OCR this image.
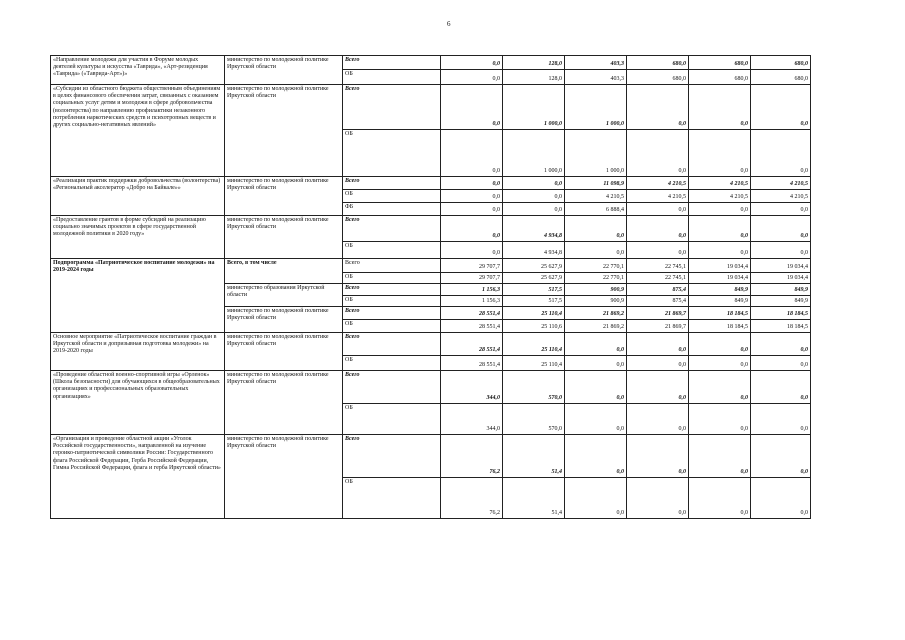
6
«Направление молодежи для участия в Форуме молодых деятелей культуры и искусства «Таврида», «Арт-резиденция «Таврида» («Таврида-Арт»)»	министерство по молодежной политике Иркутской области	Всего	0,0	128,0	403,3	680,0	680,0	680,0
		ОБ	0,0	128,0	403,3	680,0	680,0	680,0
«Субсидии из областного бюджета общественным объединениям в целях финансового обеспечения затрат, связанных с оказанием социальных услуг детям и молодежи в сфере добровольчества (волонтерства) по направлению профилактики незаконного потребления наркотических средств и психотропных веществ и других социально-негативных явлений»	министерство по молодежной политике Иркутской области	Всего	0,0	1 000,0	1 000,0	0,0	0,0	0,0
		ОБ	0,0	1 000,0	1 000,0	0,0	0,0	0,0
«Реализация практик поддержки добровольчества (волонтерства) «Региональный акселератор «Добро на Байкале»»	министерство по молодежной политике Иркутской области	Всего	0,0	0,0	11 098,9	4 210,5	4 210,5	4 210,5
		ОБ	0,0	0,0	4 210,5	4 210,5	4 210,5	4 210,5
		ФБ	0,0	0,0	6 888,4	0,0	0,0	0,0
«Предоставление грантов в форме субсидий на реализацию социально значимых проектов в сфере государственной молодежной политики в 2020 году»	министерство по молодежной политике Иркутской области	Всего	0,0	4 934,8	0,0	0,0	0,0	0,0
		ОБ	0,0	4 934,8	0,0	0,0	0,0	0,0
Подпрограмма «Патриотическое воспитание молодежи» на 2019-2024 годы	Всего, в том числе	Всего	29 707,7	25 627,9	22 770,1	22 745,1	19 034,4	19 034,4
		ОБ	29 707,7	25 627,9	22 770,1	22 745,1	19 034,4	19 034,4
	министерство образования Иркутской области	Всего	1 156,3	517,5	900,9	875,4	849,9	849,9
		ОБ	1 156,3	517,5	900,9	875,4	849,9	849,9
	министерство по молодежной политике Иркутской области	Всего	28 551,4	25 110,4	21 869,2	21 869,7	18 184,5	18 184,5
		ОБ	28 551,4	25 110,6	21 869,2	21 869,7	18 184,5	18 184,5
Основное мероприятие «Патриотическое воспитание граждан в Иркутской области и допризывная подготовка молодежи» на 2019-2020 годы	министерство по молодежной политике Иркутской области	Всего	28 551,4	25 110,4	0,0	0,0	0,0	0,0
		ОБ	28 551,4	25 110,4	0,0	0,0	0,0	0,0
«Проведение областной военно-спортивной игры «Орленок» (Школа безопасности) для обучающихся в общеобразовательных организациях и профессиональных образовательных организациях»	министерство по молодежной политике Иркутской области	Всего	344,0	570,0	0,0	0,0	0,0	0,0
		ОБ	344,0	570,0	0,0	0,0	0,0	0,0
«Организация и проведение областной акции «Уголок Российской государственности», направленной на изучение героико-патриотической символики России: Государственного флага Российской Федерации, Герба Российской Федерации, Гимна Российской Федерации, флага и герба Иркутской области»	министерство по молодежной политике Иркутской области	Всего	76,2	51,4	0,0	0,0	0,0	0,0
		ОБ	76,2	51,4	0,0	0,0	0,0	0,0
